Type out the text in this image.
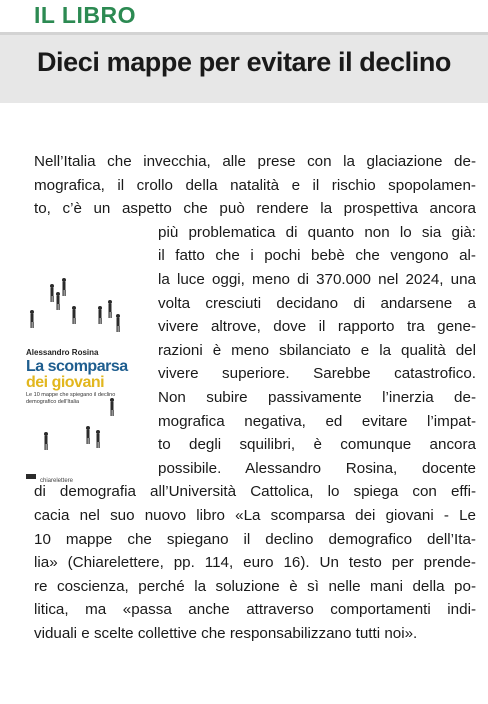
IL LIBRO
Dieci mappe per evitare il declino
Alessandro Rosina
La scomparsa
dei giovani
Le 10 mappe che spiegano il declino demografico dell'Italia
chiarelettere
Nell’Italia che invecchia, alle prese con la glaciazione de-
mografica, il crollo della natalità e il rischio spopolamen-
to, c’è un aspetto che può rendere la prospettiva ancora
più problematica di quanto non lo sia già:
il fatto che i pochi bebè che vengono al-
la luce oggi, meno di 370.000 nel 2024, una
volta cresciuti decidano di andarsene a
vivere altrove, dove il rapporto tra gene-
razioni è meno sbilanciato e la qualità del
vivere superiore. Sarebbe catastrofico.
Non subire passivamente l’inerzia de-
mografica negativa, ed evitare l’impat-
to degli squilibri, è comunque ancora
possibile. Alessandro Rosina, docente
di demografia all’Università Cattolica, lo spiega con effi-
cacia nel suo nuovo libro «La scomparsa dei giovani - Le
10 mappe che spiegano il declino demografico dell’Ita-
lia» (Chiarelettere, pp. 114, euro 16). Un testo per prende-
re coscienza, perché la soluzione è sì nelle mani della po-
litica, ma «passa anche attraverso comportamenti indi-
viduali e scelte collettive che responsabilizzano tutti noi».
